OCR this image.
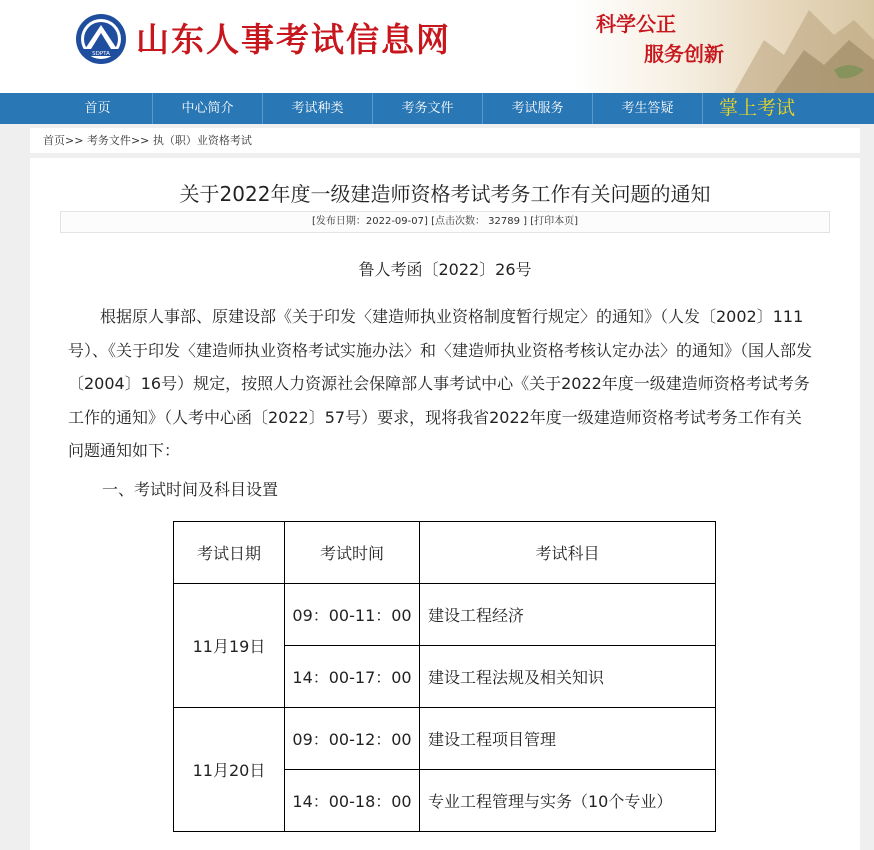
SDPTA 山东人事考试信息网	科学公正
服务创新
首页	中心简介	考试种类	考务文件	考试服务	考生答疑	掌上考试
首页>> 考务文件>> 执（职）业资格考试
关于2022年度一级建造师资格考试考务工作有关问题的通知
[发布日期：2022-09-07] [点击次数： 32789 ] [打印本页]
鲁人考函〔2022〕26号

根据原人事部、原建设部《关于印发〈建造师执业资格制度暂行规定〉的通知》（人发〔2002〕111号）、《关于印发〈建造师执业资格考试实施办法〉和〈建造师执业资格考核认定办法〉的通知》（国人部发〔2004〕16号）规定，按照人力资源社会保障部人事考试中心《关于2022年度一级建造师资格考试考务工作的通知》（人考中心函〔2022〕57号）要求，现将我省2022年度一级建造师资格考试考务工作有关问题通知如下：

一、考试时间及科目设置
考试日期	考试时间	考试科目
11月19日	09：00-11：00	建设工程经济
	14：00-17：00	建设工程法规及相关知识
11月20日	09：00-12：00	建设工程项目管理
	14：00-18：00	专业工程管理与实务（10个专业）
